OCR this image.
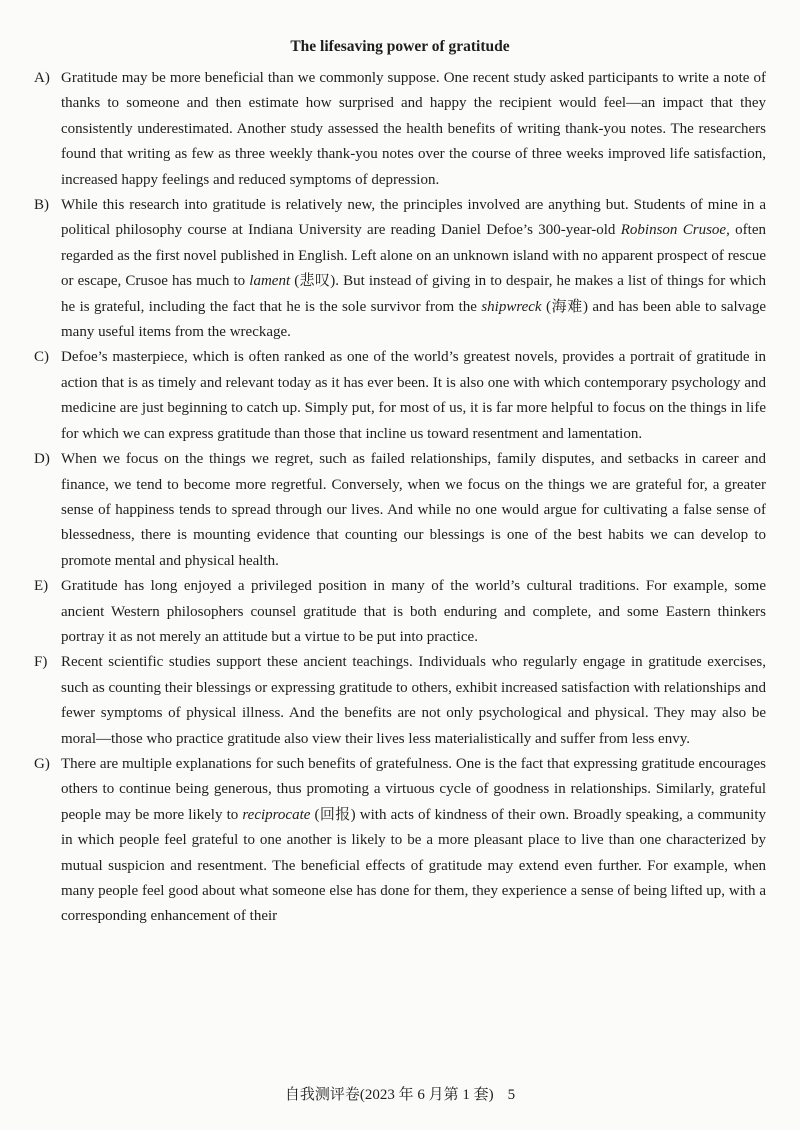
The lifesaving power of gratitude
A) Gratitude may be more beneficial than we commonly suppose. One recent study asked participants to write a note of thanks to someone and then estimate how surprised and happy the recipient would feel—an impact that they consistently underestimated. Another study assessed the health benefits of writing thank-you notes. The researchers found that writing as few as three weekly thank-you notes over the course of three weeks improved life satisfaction, increased happy feelings and reduced symptoms of depression.
B) While this research into gratitude is relatively new, the principles involved are anything but. Students of mine in a political philosophy course at Indiana University are reading Daniel Defoe’s 300-year-old Robinson Crusoe, often regarded as the first novel published in English. Left alone on an unknown island with no apparent prospect of rescue or escape, Crusoe has much to lament (悲叹). But instead of giving in to despair, he makes a list of things for which he is grateful, including the fact that he is the sole survivor from the shipwreck (海难) and has been able to salvage many useful items from the wreckage.
C) Defoe’s masterpiece, which is often ranked as one of the world’s greatest novels, provides a portrait of gratitude in action that is as timely and relevant today as it has ever been. It is also one with which contemporary psychology and medicine are just beginning to catch up. Simply put, for most of us, it is far more helpful to focus on the things in life for which we can express gratitude than those that incline us toward resentment and lamentation.
D) When we focus on the things we regret, such as failed relationships, family disputes, and setbacks in career and finance, we tend to become more regretful. Conversely, when we focus on the things we are grateful for, a greater sense of happiness tends to spread through our lives. And while no one would argue for cultivating a false sense of blessedness, there is mounting evidence that counting our blessings is one of the best habits we can develop to promote mental and physical health.
E) Gratitude has long enjoyed a privileged position in many of the world’s cultural traditions. For example, some ancient Western philosophers counsel gratitude that is both enduring and complete, and some Eastern thinkers portray it as not merely an attitude but a virtue to be put into practice.
F) Recent scientific studies support these ancient teachings. Individuals who regularly engage in gratitude exercises, such as counting their blessings or expressing gratitude to others, exhibit increased satisfaction with relationships and fewer symptoms of physical illness. And the benefits are not only psychological and physical. They may also be moral—those who practice gratitude also view their lives less materialistically and suffer from less envy.
G) There are multiple explanations for such benefits of gratefulness. One is the fact that expressing gratitude encourages others to continue being generous, thus promoting a virtuous cycle of goodness in relationships. Similarly, grateful people may be more likely to reciprocate (回报) with acts of kindness of their own. Broadly speaking, a community in which people feel grateful to one another is likely to be a more pleasant place to live than one characterized by mutual suspicion and resentment. The beneficial effects of gratitude may extend even further. For example, when many people feel good about what someone else has done for them, they experience a sense of being lifted up, with a corresponding enhancement of their
自我测评卷(2023 年 6 月第 1 套) 5
